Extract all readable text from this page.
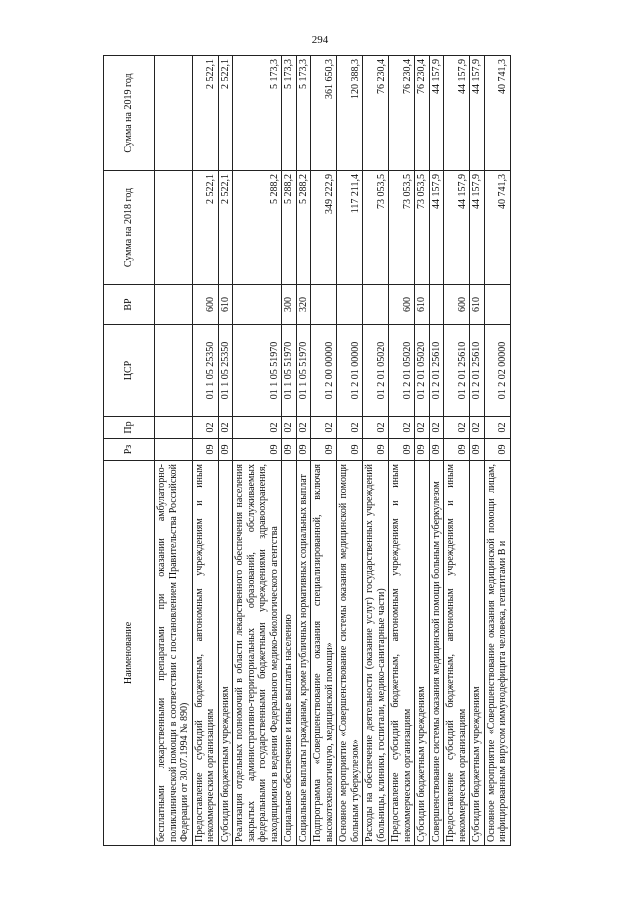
294
Наименование	Рз	Пр	ЦСР	ВР	Сумма на 2018 год	Сумма на 2019 год
бесплатными лекарственными препаратами при оказании амбулаторно-поликлинической помощи в соответствии с постановлением Правительства Российской Федерации от 30.07.1994 № 890)						
Предоставление субсидий бюджетным, автономным учреждениям и иным некоммерческим организациям	09	02	01 1 05 25350	600	2 522,1	2 522,1
Субсидии бюджетным учреждениям	09	02	01 1 05 25350	610	2 522,1	2 522,1
Реализация отдельных полномочий в области лекарственного обеспечения населения закрытых административно-территориальных образований, обслуживаемых федеральными государственными бюджетными учреждениями здравоохранения, находящимися в ведении Федерального медико-биологического агентства	09	02	01 1 05 51970		5 288,2	5 173,3
Социальное обеспечение и иные выплаты населению	09	02	01 1 05 51970	300	5 288,2	5 173,3
Социальные выплаты гражданам, кроме публичных нормативных социальных выплат	09	02	01 1 05 51970	320	5 288,2	5 173,3
Подпрограмма «Совершенствование оказания специализированной, включая высокотехнологичную, медицинской помощи»	09	02	01 2 00 00000		349 222,9	361 650,3
Основное мероприятие «Совершенствование системы оказания медицинской помощи больным туберкулезом»	09	02	01 2 01 00000		117 211,4	120 388,3
Расходы на обеспечение деятельности (оказание услуг) государственных учреждений (больницы, клиники, госпитали, медико-санитарные части)	09	02	01 2 01 05020		73 053,5	76 230,4
Предоставление субсидий бюджетным, автономным учреждениям и иным некоммерческим организациям	09	02	01 2 01 05020	600	73 053,5	76 230,4
Субсидии бюджетным учреждениям	09	02	01 2 01 05020	610	73 053,5	76 230,4
Совершенствование системы оказания медицинской помощи больным туберкулезом	09	02	01 2 01 25610		44 157,9	44 157,9
Предоставление субсидий бюджетным, автономным учреждениям и иным некоммерческим организациям	09	02	01 2 01 25610	600	44 157,9	44 157,9
Субсидии бюджетным учреждениям	09	02	01 2 01 25610	610	44 157,9	44 157,9
Основное мероприятие «Совершенствование оказания медицинской помощи лицам, инфицированным вирусом иммунодефицита человека, гепатитами В и	09	02	01 2 02 00000		40 741,3	40 741,3
